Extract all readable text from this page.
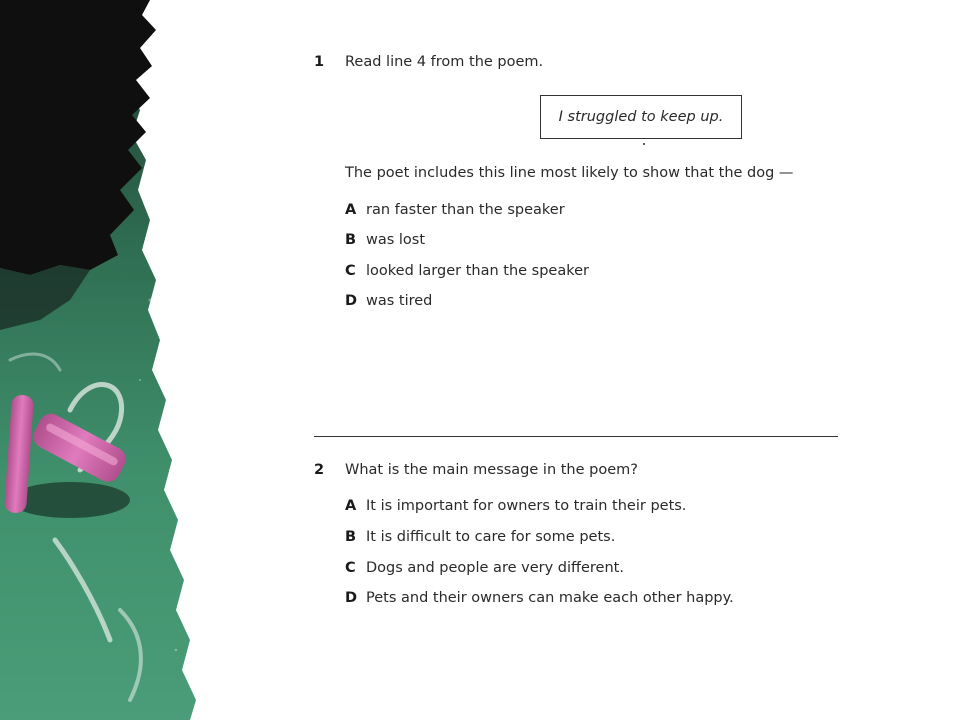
1 Read line 4 from the poem.
I struggled to keep up.
The poet includes this line most likely to show that the dog —
A ran faster than the speaker
B was lost
C looked larger than the speaker
D was tired
2 What is the main message in the poem?
A It is important for owners to train their pets.
B It is difficult to care for some pets.
C Dogs and people are very different.
D Pets and their owners can make each other happy.
